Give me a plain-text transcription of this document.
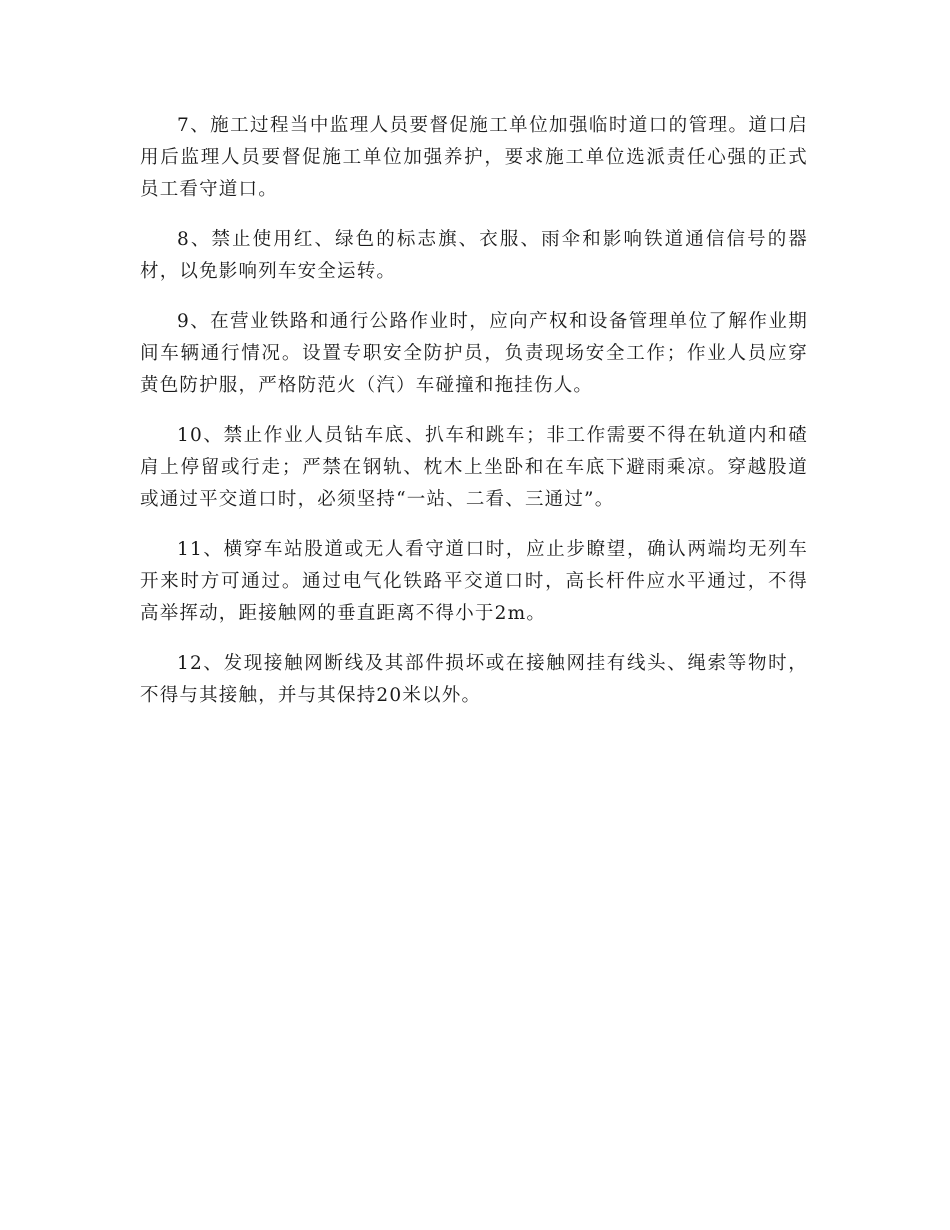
7、施工过程当中监理人员要督促施工单位加强临时道口的管理。道口启用后监理人员要督促施工单位加强养护，要求施工单位选派责任心强的正式员工看守道口。

8、禁止使用红、绿色的标志旗、衣服、雨伞和影响铁道通信信号的器材，以免影响列车安全运转。

9、在营业铁路和通行公路作业时，应向产权和设备管理单位了解作业期间车辆通行情况。设置专职安全防护员，负责现场安全工作；作业人员应穿黄色防护服，严格防范火（汽）车碰撞和拖挂伤人。

10、禁止作业人员钻车底、扒车和跳车；非工作需要不得在轨道内和碴肩上停留或行走；严禁在钢轨、枕木上坐卧和在车底下避雨乘凉。穿越股道或通过平交道口时，必须坚持“一站、二看、三通过”。

11、横穿车站股道或无人看守道口时，应止步瞭望，确认两端均无列车开来时方可通过。通过电气化铁路平交道口时，高长杆件应水平通过，不得高举挥动，距接触网的垂直距离不得小于2m。

12、发现接触网断线及其部件损坏或在接触网挂有线头、绳索等物时，不得与其接触，并与其保持20米以外。
